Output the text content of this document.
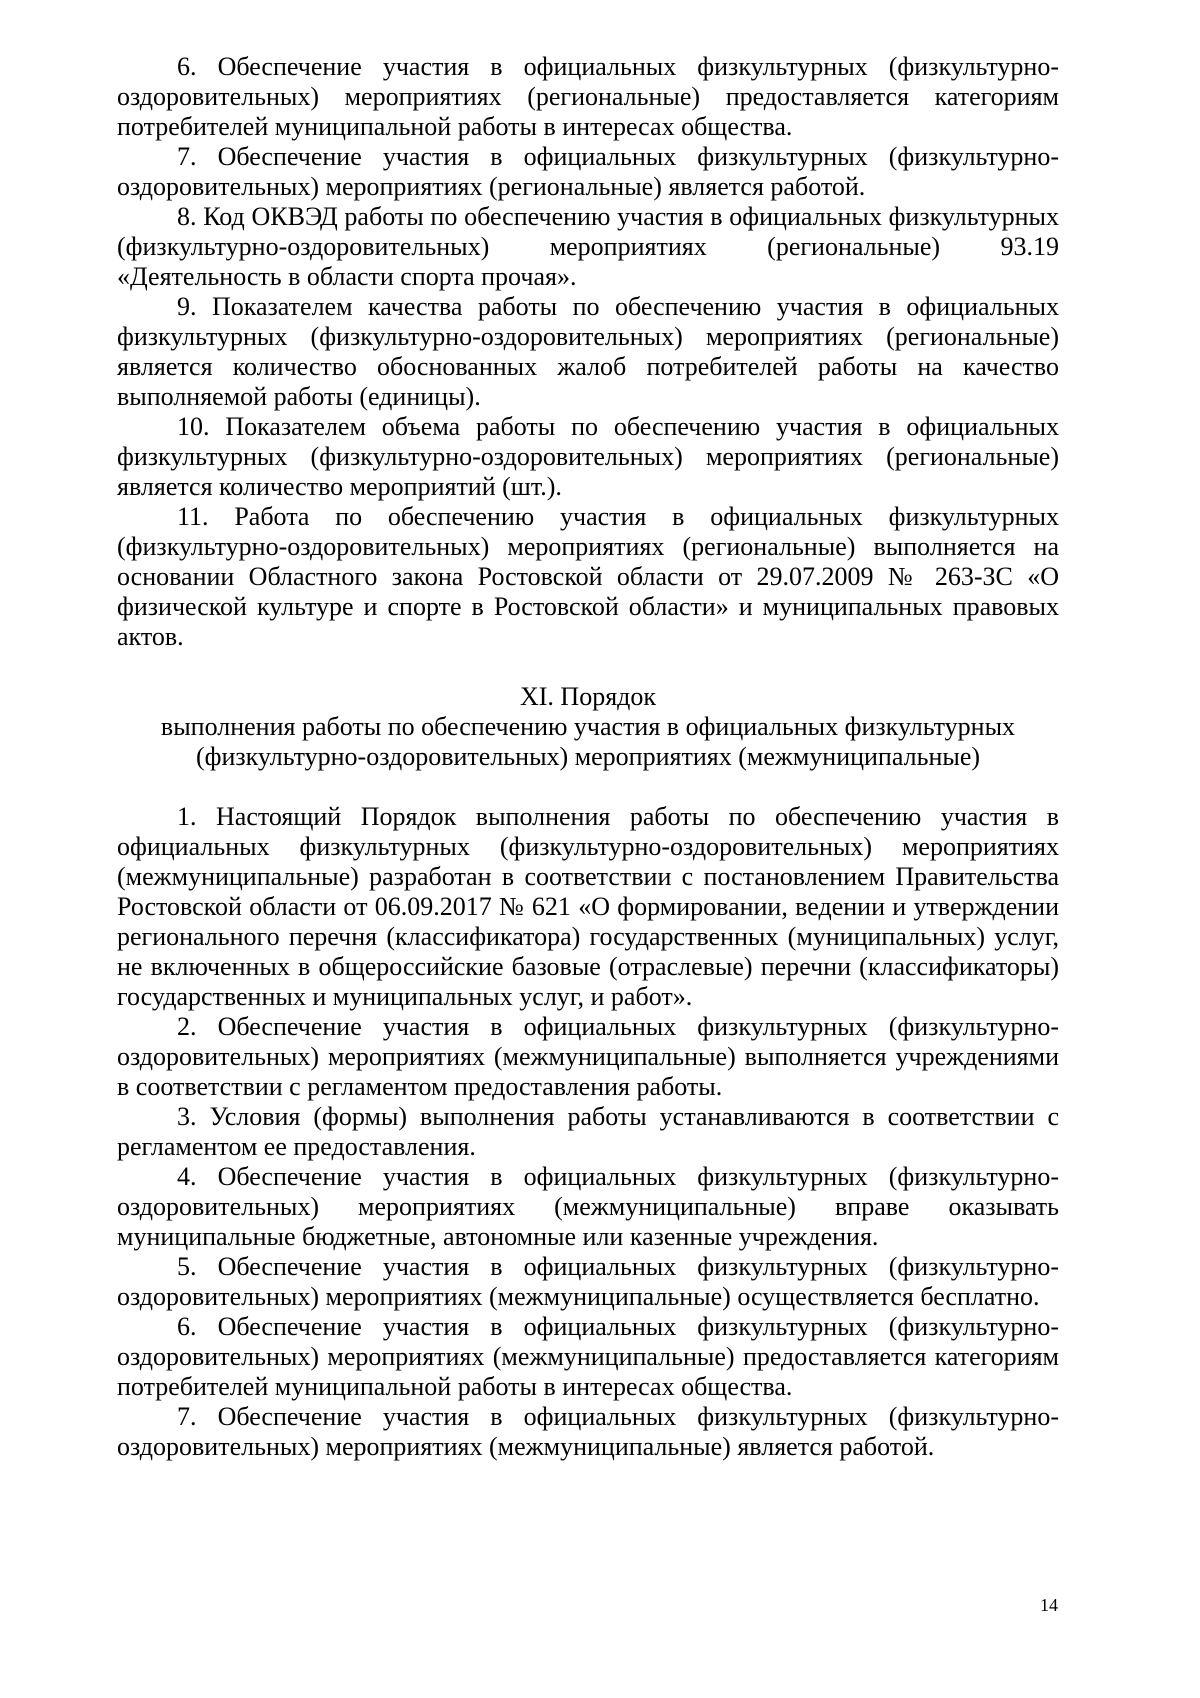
6. Обеспечение участия в официальных физкультурных (физкультурно-оздоровительных) мероприятиях (региональные) предоставляется категориям потребителей муниципальной работы в интересах общества.

7. Обеспечение участия в официальных физкультурных (физкультурно-оздоровительных) мероприятиях (региональные) является работой.

8. Код ОКВЭД работы по обеспечению участия в официальных физкультурных (физкультурно-оздоровительных) мероприятиях (региональные) 93.19 «Деятельность в области спорта прочая».

9. Показателем качества работы по обеспечению участия в официальных физкультурных (физкультурно-оздоровительных) мероприятиях (региональные) является количество обоснованных жалоб потребителей работы на качество выполняемой работы (единицы).

10. Показателем объема работы по обеспечению участия в официальных физкультурных (физкультурно-оздоровительных) мероприятиях (региональные) является количество мероприятий (шт.).

11. Работа по обеспечению участия в официальных физкультурных (физкультурно-оздоровительных) мероприятиях (региональные) выполняется на основании Областного закона Ростовской области от 29.07.2009 № 263-ЗС «О физической культуре и спорте в Ростовской области» и муниципальных правовых актов.

XI. Порядок
выполнения работы по обеспечению участия в официальных физкультурных
(физкультурно-оздоровительных) мероприятиях (межмуниципальные)

1. Настоящий Порядок выполнения работы по обеспечению участия в официальных физкультурных (физкультурно-оздоровительных) мероприятиях (межмуниципальные) разработан в соответствии с постановлением Правительства Ростовской области от 06.09.2017 № 621 «О формировании, ведении и утверждении регионального перечня (классификатора) государственных (муниципальных) услуг, не включенных в общероссийские базовые (отраслевые) перечни (классификаторы) государственных и муниципальных услуг, и работ».

2. Обеспечение участия в официальных физкультурных (физкультурно-оздоровительных) мероприятиях (межмуниципальные) выполняется учреждениями в соответствии с регламентом предоставления работы.

3. Условия (формы) выполнения работы устанавливаются в соответствии с регламентом ее предоставления.

4. Обеспечение участия в официальных физкультурных (физкультурно-оздоровительных) мероприятиях (межмуниципальные) вправе оказывать муниципальные бюджетные, автономные или казенные учреждения.

5. Обеспечение участия в официальных физкультурных (физкультурно-оздоровительных) мероприятиях (межмуниципальные) осуществляется бесплатно.

6. Обеспечение участия в официальных физкультурных (физкультурно-оздоровительных) мероприятиях (межмуниципальные) предоставляется категориям потребителей муниципальной работы в интересах общества.

7. Обеспечение участия в официальных физкультурных (физкультурно-оздоровительных) мероприятиях (межмуниципальные) является работой.

14
